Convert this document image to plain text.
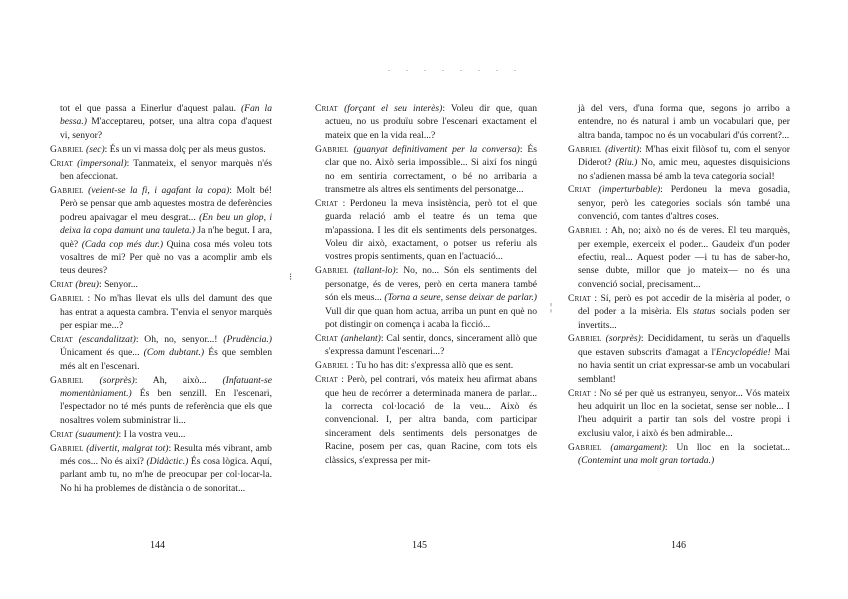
. . . . . . . .
⁝
¦

tot el que passa a Einerlur d'aquest palau. (Fan la bessa.) M'acceptareu, potser, una altra copa d'aquest vi, senyor?

Gabriel (sec): És un vi massa dolç per als meus gustos.

Criat (impersonal): Tanmateix, el senyor marquès n'és ben afeccionat.

Gabriel (veient-se la fi, i agafant la copa): Molt bé! Però se pensar que amb aquestes mostra de deferències podreu apaivagar el meu desgrat... (En beu un glop, i deixa la copa damunt una tauleta.) Ja n'he begut. I ara, què? (Cada cop més dur.) Quina cosa més voleu tots vosaltres de mi? Per què no vas a acomplir amb els teus deures?

Criat (breu): Senyor...

Gabriel : No m'has llevat els ulls del damunt des que has entrat a aquesta cambra. T'envia el senyor marquès per espiar me...?

Criat (escandalitzat): Oh, no, senyor...! (Prudència.) Únicament és que... (Com dubtant.) És que semblen més alt en l'escenari.

Gabriel (sorprès): Ah, això... (Infatuant-se momentàniament.) És ben senzill. En l'escenari, l'espectador no té més punts de referència que els que nosaltres volem subministrar li...

Criat (suaument): I la vostra veu...

Gabriel (divertit, malgrat tot): Resulta més vibrant, amb més cos... No és així? (Didàctic.) És cosa lògica. Aquí, parlant amb tu, no m'he de preocupar per col·locar-la. No hi ha problemes de distància o de sonoritat...

Criat (forçant el seu interès): Voleu dir que, quan actueu, no us produïu sobre l'escenari exactament el mateix que en la vida real...?

Gabriel (guanyat definitivament per la conversa): És clar que no. Això seria impossible... Si així fos ningú no em sentiria correctament, o bé no arribaria a transmetre als altres els sentiments del personatge...

Criat : Perdoneu la meva insistència, però tot el que guarda relació amb el teatre és un tema que m'apassiona. I les dit els sentiments dels personatges. Voleu dir això, exactament, o potser us referiu als vostres propis sentiments, quan en l'actuació...

Gabriel (tallant-lo): No, no... Són els sentiments del personatge, és de veres, però en certa manera també són els meus... (Torna a seure, sense deixar de parlar.) Vull dir que quan hom actua, arriba un punt en què no pot distingir on comença i acaba la ficció...

Criat (anhelant): Cal sentir, doncs, sincerament allò que s'expressa damunt l'escenari...?

Gabriel : Tu ho has dit: s'expressa allò que es sent.

Criat : Però, pel contrari, vós mateix heu afirmat abans que heu de recórrer a determinada manera de parlar... la correcta col·locació de la veu... Això és convencional. I, per altra banda, com participar sincerament dels sentiments dels personatges de Racine, posem per cas, quan Racine, com tots els clàssics, s'expressa per mit-

jà del vers, d'una forma que, segons jo arribo a entendre, no és natural i amb un vocabulari que, per altra banda, tampoc no és un vocabulari d'ús corrent?...

Gabriel (divertit): M'has eixit filòsof tu, com el senyor Diderot? (Riu.) No, amic meu, aquestes disquisicions no s'adienen massa bé amb la teva categoria social!

Criat (imperturbable): Perdoneu la meva gosadia, senyor, però les categories socials són també una convenció, com tantes d'altres coses.

Gabriel : Ah, no; això no és de veres. El teu marquès, per exemple, exerceix el poder... Gaudeix d'un poder efectiu, real... Aquest poder —i tu has de saber-ho, sense dubte, millor que jo mateix— no és una convenció social, precisament...

Criat : Sí, però es pot accedir de la misèria al poder, o del poder a la misèria. Els status socials poden ser invertits...

Gabriel (sorprès): Decididament, tu seràs un d'aquells que estaven subscrits d'amagat a l'Encyclopédie! Mai no havia sentit un criat expressar-se amb un vocabulari semblant!

Criat : No sé per què us estranyeu, senyor... Vós mateix heu adquirit un lloc en la societat, sense ser noble... I l'heu adquirit a partir tan sols del vostre propi i exclusiu valor, i això és ben admirable...

Gabriel (amargament): Un lloc en la societat... (Contemint una molt gran tortada.)

144	145	146
